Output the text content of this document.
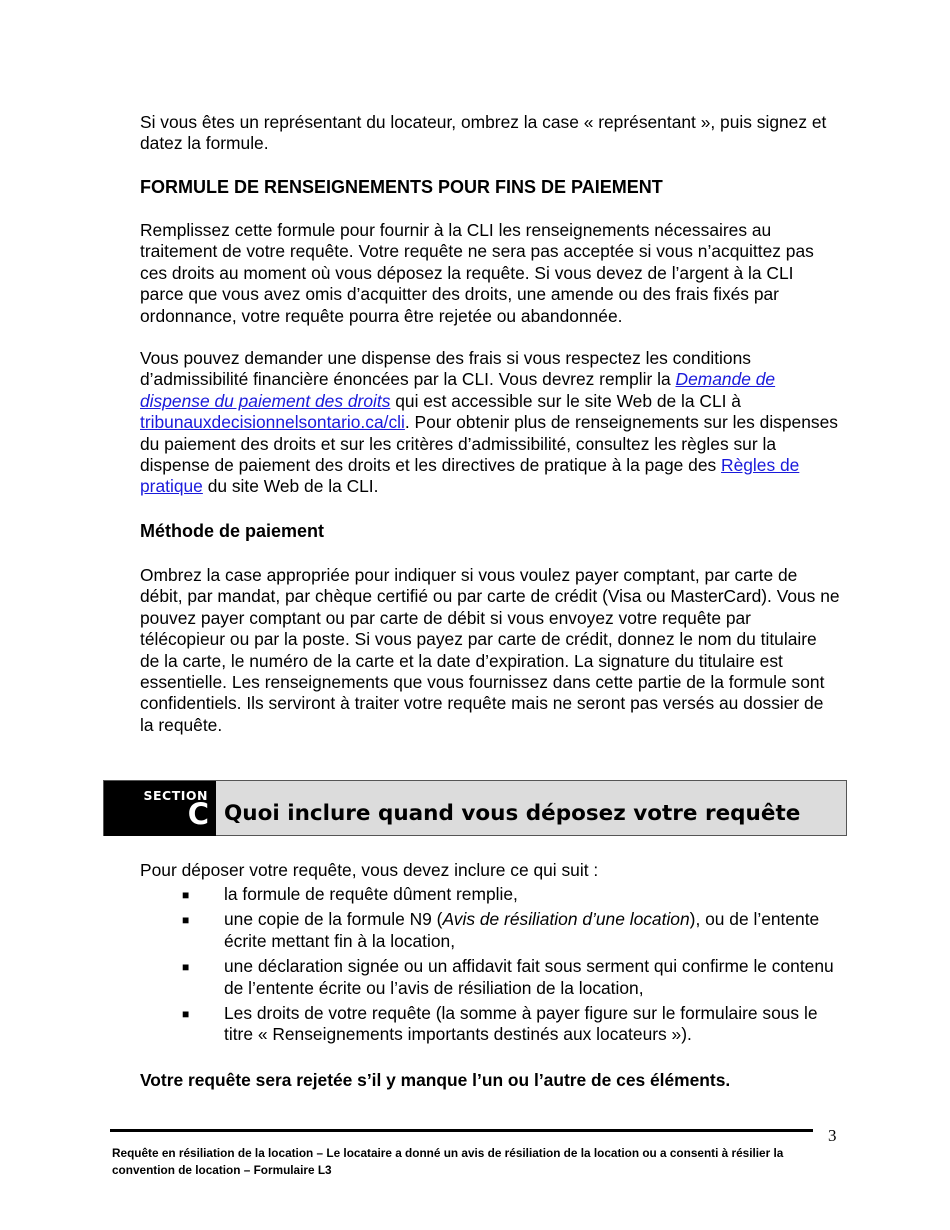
Si vous êtes un représentant du locateur, ombrez la case « représentant », puis signez et datez la formule.

FORMULE DE RENSEIGNEMENTS POUR FINS DE PAIEMENT

Remplissez cette formule pour fournir à la CLI les renseignements nécessaires au traitement de votre requête. Votre requête ne sera pas acceptée si vous n’acquittez pas ces droits au moment où vous déposez la requête. Si vous devez de l’argent à la CLI parce que vous avez omis d’acquitter des droits, une amende ou des frais fixés par ordonnance, votre requête pourra être rejetée ou abandonnée.

Vous pouvez demander une dispense des frais si vous respectez les conditions d’admissibilité financière énoncées par la CLI. Vous devrez remplir la Demande de dispense du paiement des droits qui est accessible sur le site Web de la CLI à tribunauxdecisionnelsontario.ca/cli. Pour obtenir plus de renseignements sur les dispenses du paiement des droits et sur les critères d’admissibilité, consultez les règles sur la dispense de paiement des droits et les directives de pratique à la page des Règles de pratique du site Web de la CLI.

Méthode de paiement

Ombrez la case appropriée pour indiquer si vous voulez payer comptant, par carte de débit, par mandat, par chèque certifié ou par carte de crédit (Visa ou MasterCard). Vous ne pouvez payer comptant ou par carte de débit si vous envoyez votre requête par télécopieur ou par la poste. Si vous payez par carte de crédit, donnez le nom du titulaire de la carte, le numéro de la carte et la date d’expiration. La signature du titulaire est essentielle. Les renseignements que vous fournissez dans cette partie de la formule sont confidentiels. Ils serviront à traiter votre requête mais ne seront pas versés au dossier de la requête.

SECTION
C Quoi inclure quand vous déposez votre requête

Pour déposer votre requête, vous devez inclure ce qui suit :

■ la formule de requête dûment remplie,
■ une copie de la formule N9 (Avis de résiliation d’une location), ou de l’entente écrite mettant fin à la location,
■ une déclaration signée ou un affidavit fait sous serment qui confirme le contenu de l’entente écrite ou l’avis de résiliation de la location,
■ Les droits de votre requête (la somme à payer figure sur le formulaire sous le titre « Renseignements importants destinés aux locateurs »).

Votre requête sera rejetée s’il y manque l’un ou l’autre de ces éléments.

3

Requête en résiliation de la location – Le locataire a donné un avis de résiliation de la location ou a consenti à résilier la convention de location – Formulaire L3
